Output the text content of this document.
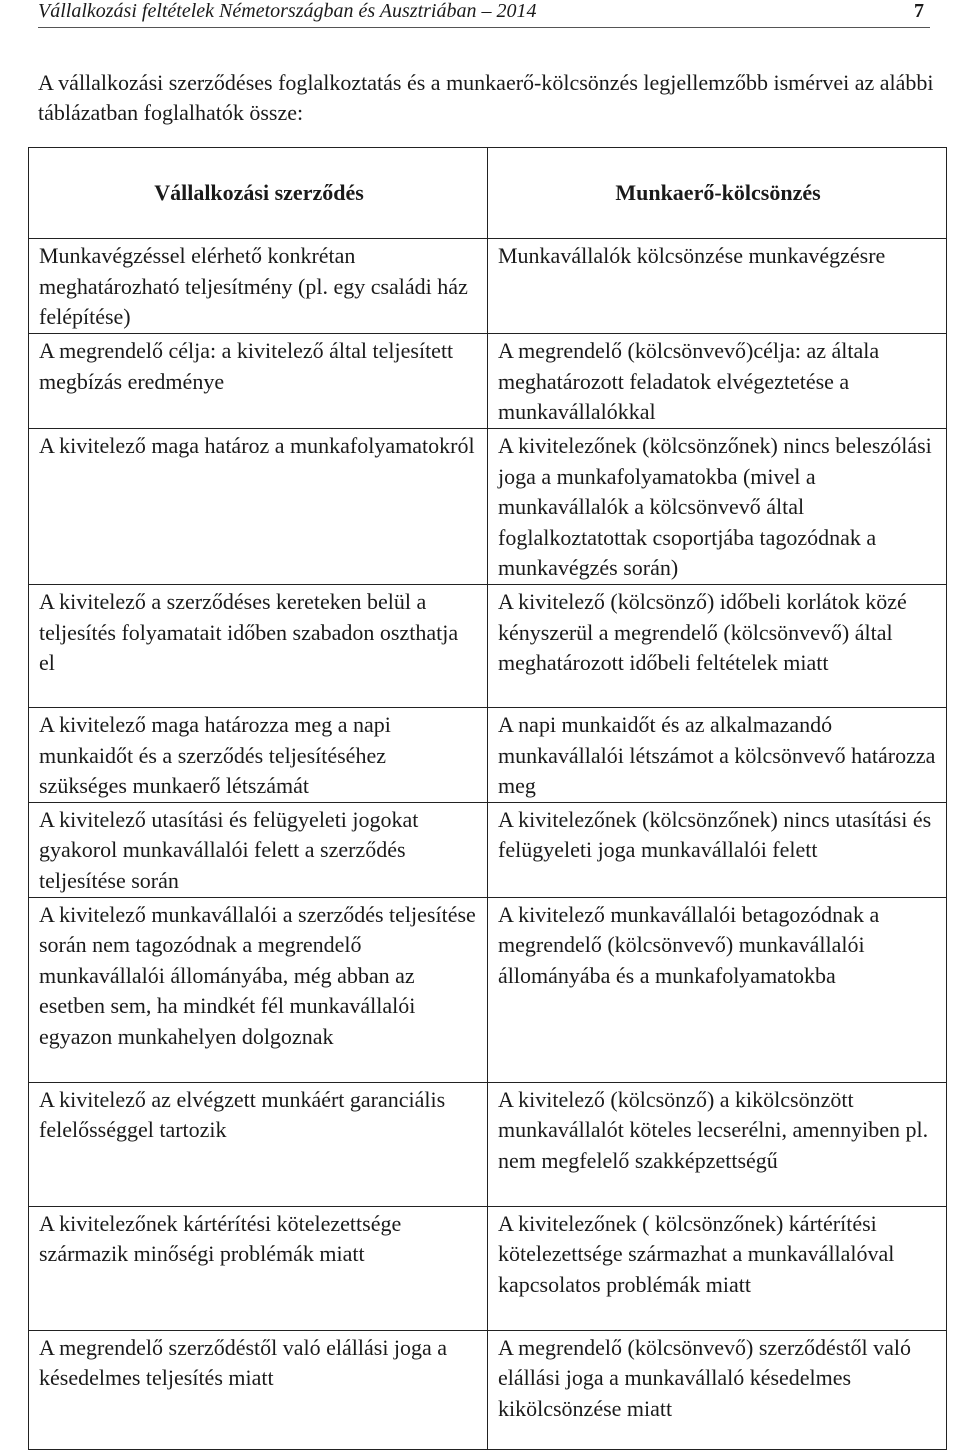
Vállalkozási feltételek Németországban és Ausztriában – 2014	7

A vállalkozási szerződéses foglalkoztatás és a munkaerő-kölcsönzés legjellemzőbb ismérvei az alábbi táblázatban foglalhatók össze:

Vállalkozási szerződés	Munkaerő-kölcsönzés
Munkavégzéssel elérhető konkrétan meghatározható teljesítmény (pl. egy családi ház felépítése)	Munkavállalók kölcsönzése munkavégzésre
A megrendelő célja: a kivitelező által teljesített megbízás eredménye	A megrendelő (kölcsönvevő)célja: az általa meghatározott feladatok elvégeztetése a munkavállalókkal
A kivitelező maga határoz a munkafolyamatokról	A kivitelezőnek (kölcsönzőnek) nincs beleszólási joga a munkafolyamatokba (mivel a munkavállalók a kölcsönvevő által foglalkoztatottak csoportjába tagozódnak a munkavégzés során)
A kivitelező a szerződéses kereteken belül a teljesítés folyamatait időben szabadon oszthatja el	A kivitelező (kölcsönző) időbeli korlátok közé kényszerül a megrendelő (kölcsönvevő) által meghatározott időbeli feltételek miatt
A kivitelező maga határozza meg a napi munkaidőt és a szerződés teljesítéséhez szükséges munkaerő létszámát	A napi munkaidőt és az alkalmazandó munkavállalói létszámot a kölcsönvevő határozza meg
A kivitelező utasítási és felügyeleti jogokat gyakorol munkavállalói felett a szerződés teljesítése során	A kivitelezőnek (kölcsönzőnek) nincs utasítási és felügyeleti joga munkavállalói felett
A kivitelező munkavállalói a szerződés teljesítése során nem tagozódnak a megrendelő munkavállalói állományába, még abban az esetben sem, ha mindkét fél munkavállalói egyazon munkahelyen dolgoznak	A kivitelező munkavállalói betagozódnak a megrendelő (kölcsönvevő) munkavállalói állományába és a munkafolyamatokba
A kivitelező az elvégzett munkáért garanciális felelősséggel tartozik	A kivitelező (kölcsönző) a kikölcsönzött munkavállalót köteles lecserélni, amennyiben pl. nem megfelelő szakképzettségű
A kivitelezőnek kártérítési kötelezettsége származik minőségi problémák miatt	A kivitelezőnek ( kölcsönzőnek) kártérítési kötelezettsége származhat a munkavállalóval kapcsolatos problémák miatt
A megrendelő szerződéstől való elállási joga a késedelmes teljesítés miatt	A megrendelő (kölcsönvevő) szerződéstől való elállási joga a munkavállaló késedelmes kikölcsönzése miatt
